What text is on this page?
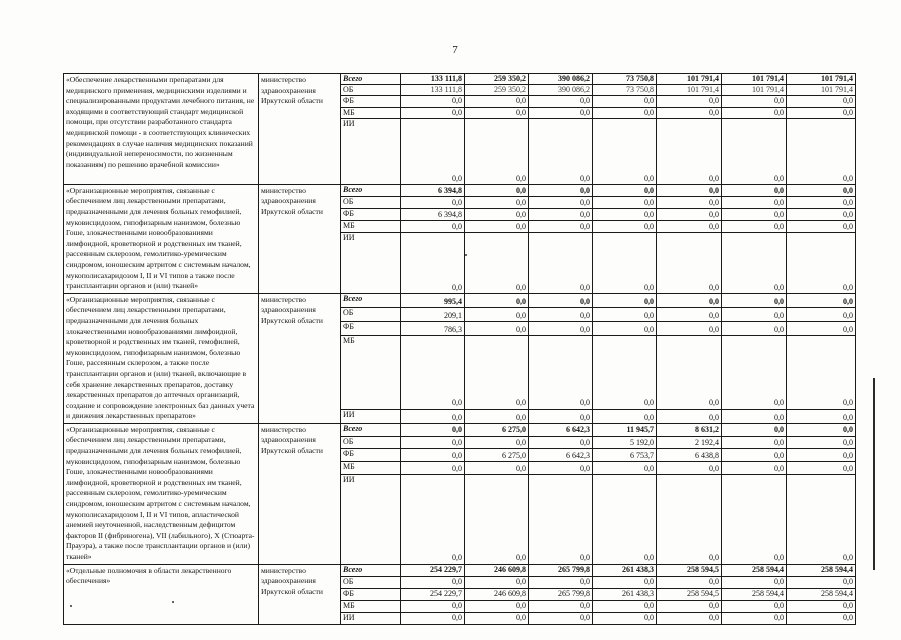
7
«Обеспечение лекарственными препаратами для медицинского применения, медицинскими изделиями и специализированными продуктами лечебного питания, не входящими в соответствующий стандарт медицинской помощи, при отсутствии разработанного стандарта медицинской помощи - в соответствующих клинических рекомендациях в случае наличия медицинских показаний (индивидуальной непереносимости, по жизненным показаниям) по решению врачебной комиссии»	министерство здравоохранения Иркутской области	Всего	133 111,8	259 350,2	390 086,2	73 750,8	101 791,4	101 791,4	101 791,4
		ОБ	133 111,8	259 350,2	390 086,2	73 750,8	101 791,4	101 791,4	101 791,4
		ФБ	0,0	0,0	0,0	0,0	0,0	0,0	0,0
		МБ	0,0	0,0	0,0	0,0	0,0	0,0	0,0
		ИИ	0,0	0,0	0,0	0,0	0,0	0,0	0,0
«Организационные мероприятия, связанные с обеспечением лиц лекарственными препаратами, предназначенными для лечения больных гемофилией, муковисцидозом, гипофизарным нанизмом, болезнью Гоше, злокачественными новообразованиями лимфоидной, кроветворной и родственных им тканей, рассеянным склерозом, гемолитико-уремическим синдромом, юношеским артритом с системным началом, мукополисахаридозом I, II и VI типов а также после трансплантации органов и (или) тканей»	министерство здравоохранения Иркутской области	Всего	6 394,8	0,0	0,0	0,0	0,0	0,0	0,0
		ОБ	0,0	0,0	0,0	0,0	0,0	0,0	0,0
		ФБ	6 394,8	0,0	0,0	0,0	0,0	0,0	0,0
		МБ	0,0	0,0	0,0	0,0	0,0	0,0	0,0
		ИИ	0,0	0,0	0,0	0,0	0,0	0,0	0,0
«Организационные мероприятия, связанные с обеспечением лиц лекарственными препаратами, предназначенными для лечения больных злокачественными новообразованиями лимфоидной, кроветворной и родственных им тканей, гемофилией, муковисцидозом, гипофизарным нанизмом, болезнью Гоше, рассеянным склерозом, а также после трансплантации органов и (или) тканей, включающие в себя хранение лекарственных препаратов, доставку лекарственных препаратов до аптечных организаций, создание и сопровождение электронных баз данных учета и движения лекарственных препаратов»	министерство здравоохранения Иркутской области	Всего	995,4	0,0	0,0	0,0	0,0	0,0	0,0
		ОБ	209,1	0,0	0,0	0,0	0,0	0,0	0,0
		ФБ	786,3	0,0	0,0	0,0	0,0	0,0	0,0
		МБ	0,0	0,0	0,0	0,0	0,0	0,0	0,0
		ИИ	0,0	0,0	0,0	0,0	0,0	0,0	0,0
«Организационные мероприятия, связанные с обеспечением лиц лекарственными препаратами, предназначенными для лечения больных гемофилией, муковисцидозом, гипофизарным нанизмом, болезнью Гоше, злокачественными новообразованиями лимфоидной, кроветворной и родственных им тканей, рассеянным склерозом, гемолитико-уремическим синдромом, юношеским артритом с системным началом, мукополисахаридозом I, II и VI типов, апластической анемией неуточненной, наследственным дефицитом факторов II (фибриногена), VII (лабильного), X (Стюарта-Прауэра), а также после трансплантации органов и (или) тканей»	министерство здравоохранения Иркутской области	Всего	0,0	6 275,0	6 642,3	11 945,7	8 631,2	0,0	0,0
		ОБ	0,0	0,0	0,0	5 192,0	2 192,4	0,0	0,0
		ФБ	0,0	6 275,0	6 642,3	6 753,7	6 438,8	0,0	0,0
		МБ	0,0	0,0	0,0	0,0	0,0	0,0	0,0
		ИИ	0,0	0,0	0,0	0,0	0,0	0,0	0,0
«Отдельные полномочия в области лекарственного обеспечения»	министерство здравоохранения Иркутской области	Всего	254 229,7	246 609,8	265 799,8	261 438,3	258 594,5	258 594,4	258 594,4
		ОБ	0,0	0,0	0,0	0,0	0,0	0,0	0,0
		ФБ	254 229,7	246 609,8	265 799,8	261 438,3	258 594,5	258 594,4	258 594,4
		МБ	0,0	0,0	0,0	0,0	0,0	0,0	0,0
		ИИ	0,0	0,0	0,0	0,0	0,0	0,0	0,0
